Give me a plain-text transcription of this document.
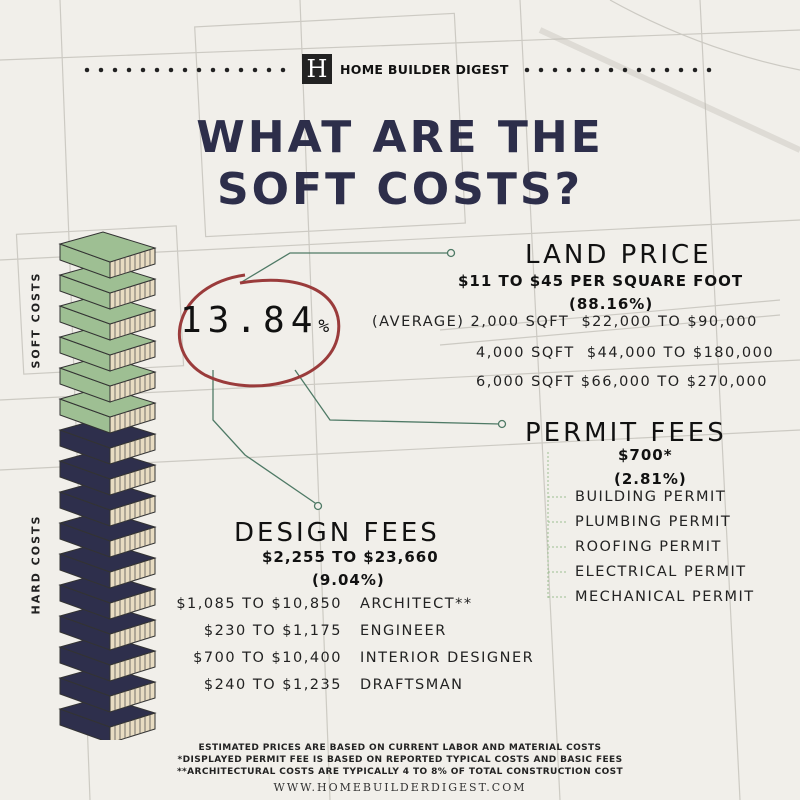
H	HOME BUILDER DIGEST
WHAT ARE THE
SOFT COSTS?
SOFT COSTS
HARD COSTS
13.84%
LAND PRICE
$11 TO $45 PER SQUARE FOOT
(88.16%)
(AVERAGE) 2,000 SQFT $22,000 TO $90,000
4,000 SQFT $44,000 TO $180,000
6,000 SQFT $66,000 TO $270,000
PERMIT FEES
$700*
(2.81%)
BUILDING PERMIT
PLUMBING PERMIT
ROOFING PERMIT
ELECTRICAL PERMIT
MECHANICAL PERMIT
DESIGN FEES
$2,255 TO $23,660
(9.04%)
$1,085 TO $10,850 ARCHITECT**
$230 TO $1,175 ENGINEER
$700 TO $10,400 INTERIOR DESIGNER
$240 TO $1,235 DRAFTSMAN
ESTIMATED PRICES ARE BASED ON CURRENT LABOR AND MATERIAL COSTS
*DISPLAYED PERMIT FEE IS BASED ON REPORTED TYPICAL COSTS AND BASIC FEES
**ARCHITECTURAL COSTS ARE TYPICALLY 4 TO 8% OF TOTAL CONSTRUCTION COST
WWW.HOMEBUILDERDIGEST.COM
